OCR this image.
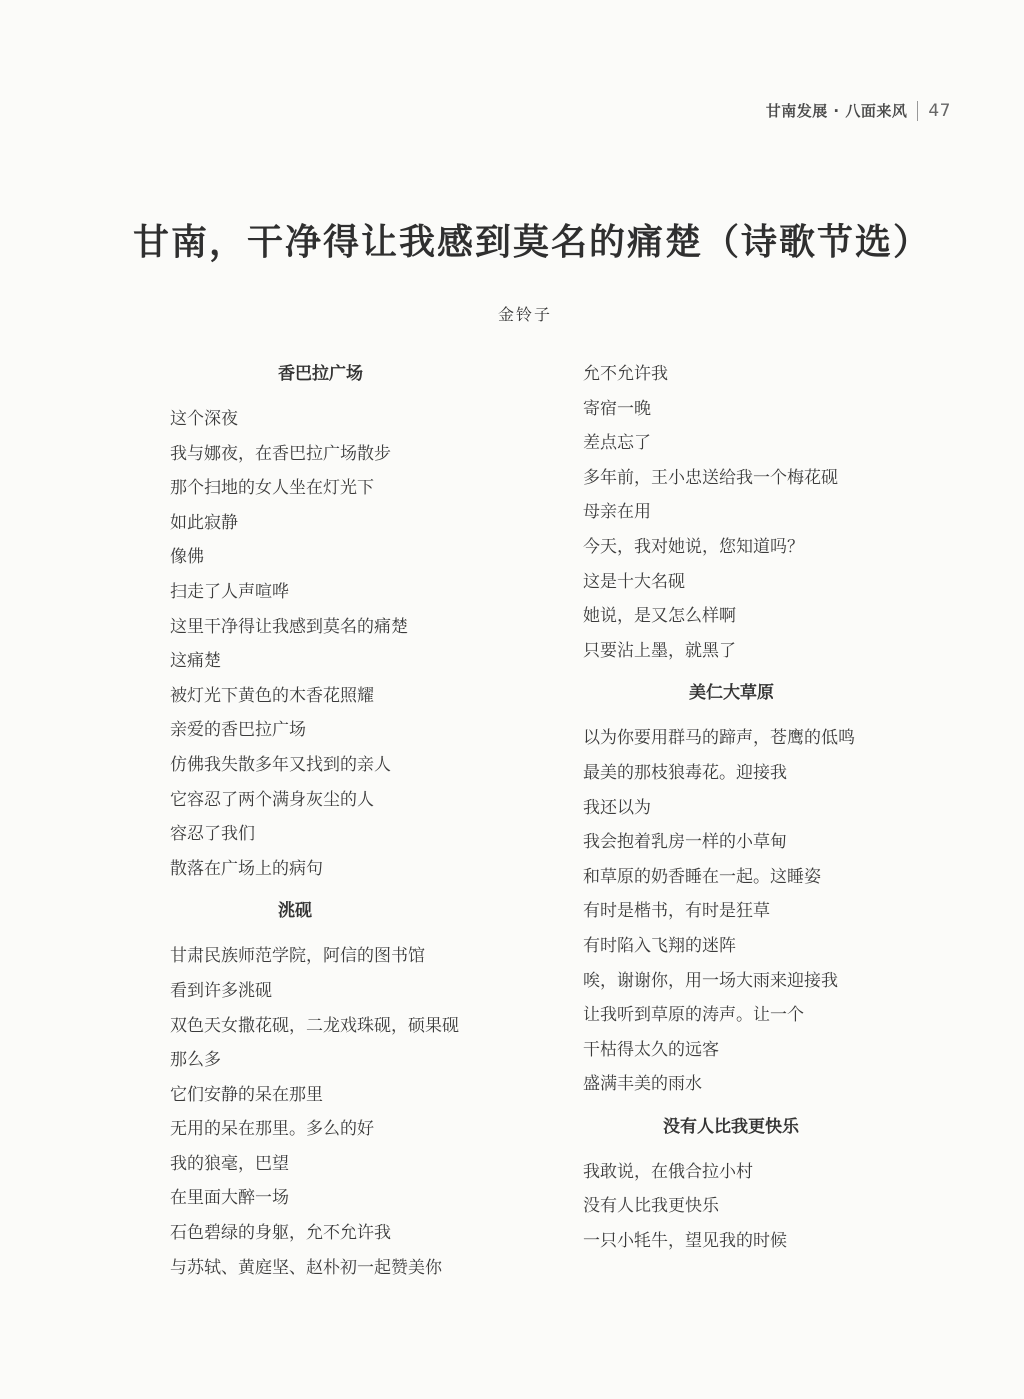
甘南发展 · 八面来风 47
甘南，干净得让我感到莫名的痛楚（诗歌节选）
金铃子
香巴拉广场
这个深夜
我与娜夜，在香巴拉广场散步
那个扫地的女人坐在灯光下
如此寂静
像佛
扫走了人声喧哗
这里干净得让我感到莫名的痛楚
这痛楚
被灯光下黄色的木香花照耀
亲爱的香巴拉广场
仿佛我失散多年又找到的亲人
它容忍了两个满身灰尘的人
容忍了我们
散落在广场上的病句
洮砚
甘肃民族师范学院，阿信的图书馆
看到许多洮砚
双色天女撒花砚，二龙戏珠砚，硕果砚
那么多
它们安静的呆在那里
无用的呆在那里。多么的好
我的狼毫，巴望
在里面大醉一场
石色碧绿的身躯，允不允许我
与苏轼、黄庭坚、赵朴初一起赞美你
允不允许我
寄宿一晚
差点忘了
多年前，王小忠送给我一个梅花砚
母亲在用
今天，我对她说，您知道吗？
这是十大名砚
她说，是又怎么样啊
只要沾上墨，就黑了
美仁大草原
以为你要用群马的蹄声，苍鹰的低鸣
最美的那枝狼毒花。迎接我
我还以为
我会抱着乳房一样的小草甸
和草原的奶香睡在一起。这睡姿
有时是楷书，有时是狂草
有时陷入飞翔的迷阵
唉，谢谢你，用一场大雨来迎接我
让我听到草原的涛声。让一个
干枯得太久的远客
盛满丰美的雨水
没有人比我更快乐
我敢说，在俄合拉小村
没有人比我更快乐
一只小牦牛，望见我的时候
